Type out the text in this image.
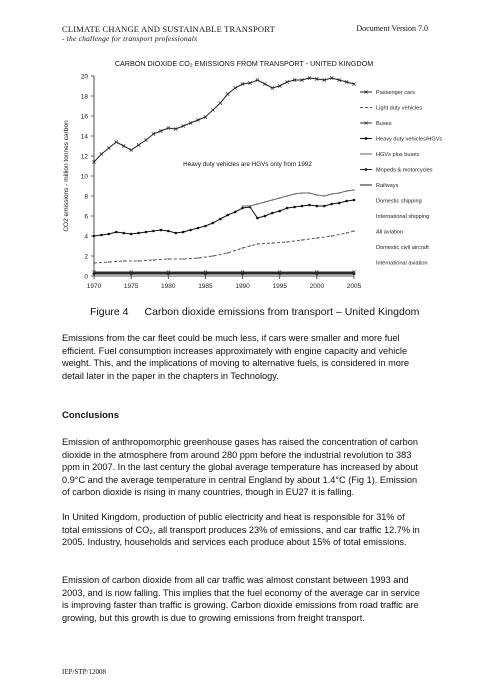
CLIMATE CHANGE AND SUSTAINABLE TRANSPORT
- the challenge for transport professionals
Document Version 7.0
CARBON DIOXIDE CO₂ EMISSIONS FROM TRANSPORT - UNITED KINGDOM
CO2 emissions - million tonnes carbon
0
2
4
6
8
10
12
14
16
18
20
1970	1975	1980	1985	1990	1995	2000	2005
Heavy duty vehicles are HGVs only from 1992
Passenger cars
Light duty vehicles
Buses
Heavy duty vehicles/HGVs
HGVs plus buses
Mopeds & motorcycles
Railways
Domestic shipping
International shipping
All aviation
Domestic civil aircraft
International aviation
Figure 4 Carbon dioxide emissions from transport – United Kingdom

Emissions from the car fleet could be much less, if cars were smaller and more fuel efficient. Fuel consumption increases approximately with engine capacity and vehicle weight. This, and the implications of moving to alternative fuels, is considered in more detail later in the paper in the chapters in Technology.

Conclusions

Emission of anthropomorphic greenhouse gases has raised the concentration of carbon dioxide in the atmosphere from around 280 ppm before the industrial revolution to 383 ppm in 2007. In the last century the global average temperature has increased by about 0.9°C and the average temperature in central England by about 1.4°C (Fig 1). Emission of carbon dioxide is rising in many countries, though in EU27 it is falling.

In United Kingdom, production of public electricity and heat is responsible for 31% of total emissions of CO₂, all transport produces 23% of emissions, and car traffic 12.7% in 2005. Industry, households and services each produce about 15% of total emissions.

Emission of carbon dioxide from all car traffic was almost constant between 1993 and 2003, and is now falling. This implies that the fuel economy of the average car in service is improving faster than traffic is growing. Carbon dioxide emissions from road traffic are growing, but this growth is due to growing emissions from freight transport.

IEP/STP/12008
